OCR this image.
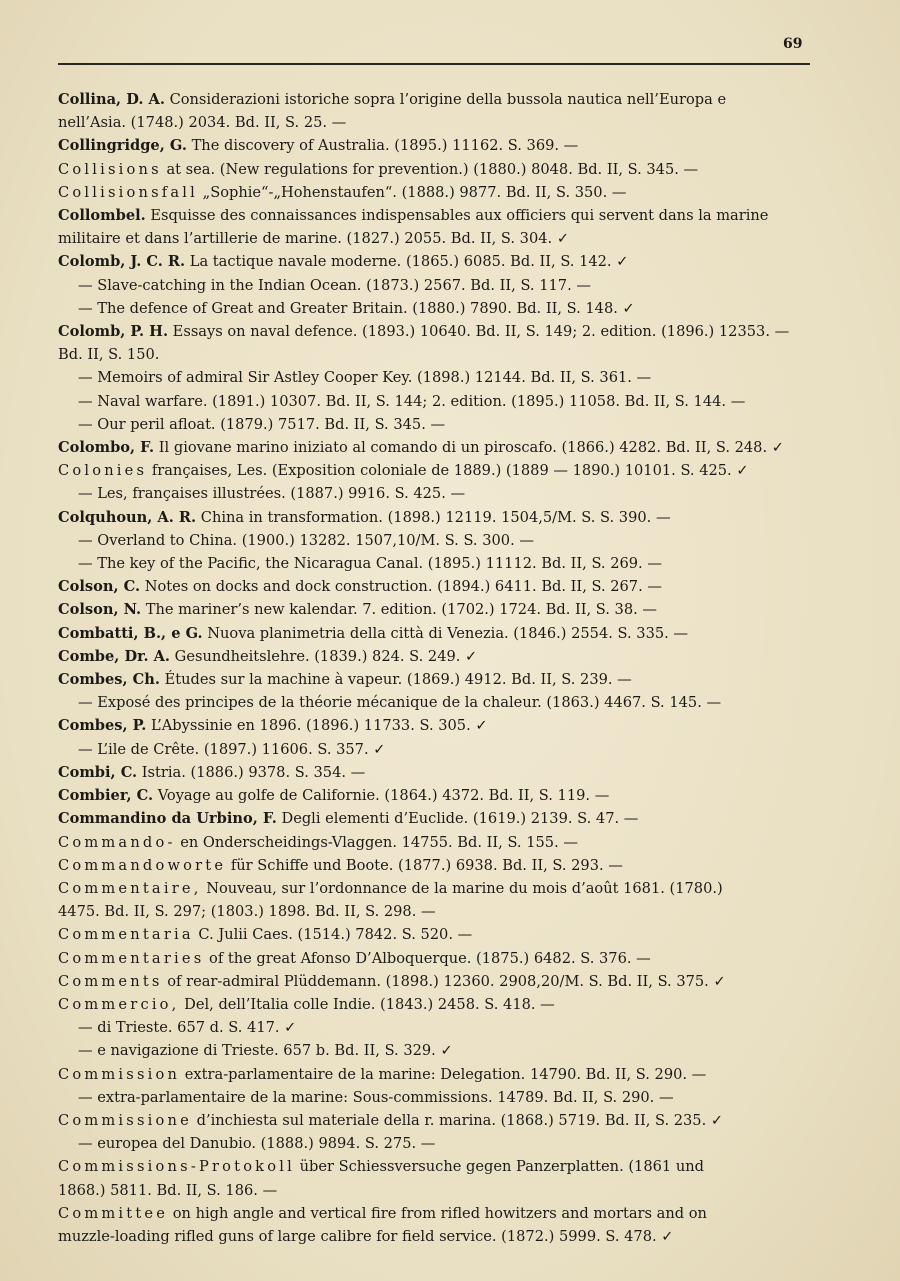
69
Collina, D. A. Considerazioni istoriche sopra l’origine della bussola nautica nell’Europa e
nell’Asia. (1748.) 2034. Bd. II, S. 25. —
Collingridge, G. The discovery of Australia. (1895.) 11162. S. 369. —
Collisions at sea. (New regulations for prevention.) (1880.) 8048. Bd. II, S. 345. —
Collisionsfall „Sophie“-„Hohenstaufen“. (1888.) 9877. Bd. II, S. 350. —
Collombel. Esquisse des connaissances indispensables aux officiers qui servent dans la marine
militaire et dans l’artillerie de marine. (1827.) 2055. Bd. II, S. 304. ✓
Colomb, J. C. R. La tactique navale moderne. (1865.) 6085. Bd. II, S. 142. ✓
— Slave-catching in the Indian Ocean. (1873.) 2567. Bd. II, S. 117. —
— The defence of Great and Greater Britain. (1880.) 7890. Bd. II, S. 148. ✓
Colomb, P. H. Essays on naval defence. (1893.) 10640. Bd. II, S. 149; 2. edition. (1896.) 12353. —
Bd. II, S. 150.
— Memoirs of admiral Sir Astley Cooper Key. (1898.) 12144. Bd. II, S. 361. —
— Naval warfare. (1891.) 10307. Bd. II, S. 144; 2. edition. (1895.) 11058. Bd. II, S. 144. —
— Our peril afloat. (1879.) 7517. Bd. II, S. 345. —
Colombo, F. Il giovane marino iniziato al comando di un piroscafo. (1866.) 4282. Bd. II, S. 248. ✓
Colonies françaises, Les. (Exposition coloniale de 1889.) (1889 — 1890.) 10101. S. 425. ✓
— Les, françaises illustrées. (1887.) 9916. S. 425. —
Colquhoun, A. R. China in transformation. (1898.) 12119. 1504,5/M. S. S. 390. —
— Overland to China. (1900.) 13282. 1507,10/M. S. S. 300. —
— The key of the Pacific, the Nicaragua Canal. (1895.) 11112. Bd. II, S. 269. —
Colson, C. Notes on docks and dock construction. (1894.) 6411. Bd. II, S. 267. —
Colson, N. The mariner’s new kalendar. 7. edition. (1702.) 1724. Bd. II, S. 38. —
Combatti, B., e G. Nuova planimetria della città di Venezia. (1846.) 2554. S. 335. —
Combe, Dr. A. Gesundheitslehre. (1839.) 824. S. 249. ✓
Combes, Ch. Études sur la machine à vapeur. (1869.) 4912. Bd. II, S. 239. —
— Exposé des principes de la théorie mécanique de la chaleur. (1863.) 4467. S. 145. —
Combes, P. L’Abyssinie en 1896. (1896.) 11733. S. 305. ✓
— L’ile de Crête. (1897.) 11606. S. 357. ✓
Combi, C. Istria. (1886.) 9378. S. 354. —
Combier, C. Voyage au golfe de Californie. (1864.) 4372. Bd. II, S. 119. —
Commandino da Urbino, F. Degli elementi d’Euclide. (1619.) 2139. S. 47. —
Commando- en Onderscheidings-Vlaggen. 14755. Bd. II, S. 155. —
Commandoworte für Schiffe und Boote. (1877.) 6938. Bd. II, S. 293. —
Commentaire, Nouveau, sur l’ordonnance de la marine du mois d’août 1681. (1780.)
4475. Bd. II, S. 297; (1803.) 1898. Bd. II, S. 298. —
Commentaria C. Julii Caes. (1514.) 7842. S. 520. —
Commentaries of the great Afonso D’Alboquerque. (1875.) 6482. S. 376. —
Comments of rear-admiral Plüddemann. (1898.) 12360. 2908,20/M. S. Bd. II, S. 375. ✓
Commercio, Del, dell’Italia colle Indie. (1843.) 2458. S. 418. —
— di Trieste. 657 d. S. 417. ✓
— e navigazione di Trieste. 657 b. Bd. II, S. 329. ✓
Commission extra-parlamentaire de la marine: Delegation. 14790. Bd. II, S. 290. —
— extra-parlamentaire de la marine: Sous-commissions. 14789. Bd. II, S. 290. —
Commissione d’inchiesta sul materiale della r. marina. (1868.) 5719. Bd. II, S. 235. ✓
— europea del Danubio. (1888.) 9894. S. 275. —
Commissions-Protokoll über Schiessversuche gegen Panzerplatten. (1861 und
1868.) 5811. Bd. II, S. 186. —
Committee on high angle and vertical fire from rifled howitzers and mortars and on
muzzle-loading rifled guns of large calibre for field service. (1872.) 5999. S. 478. ✓
